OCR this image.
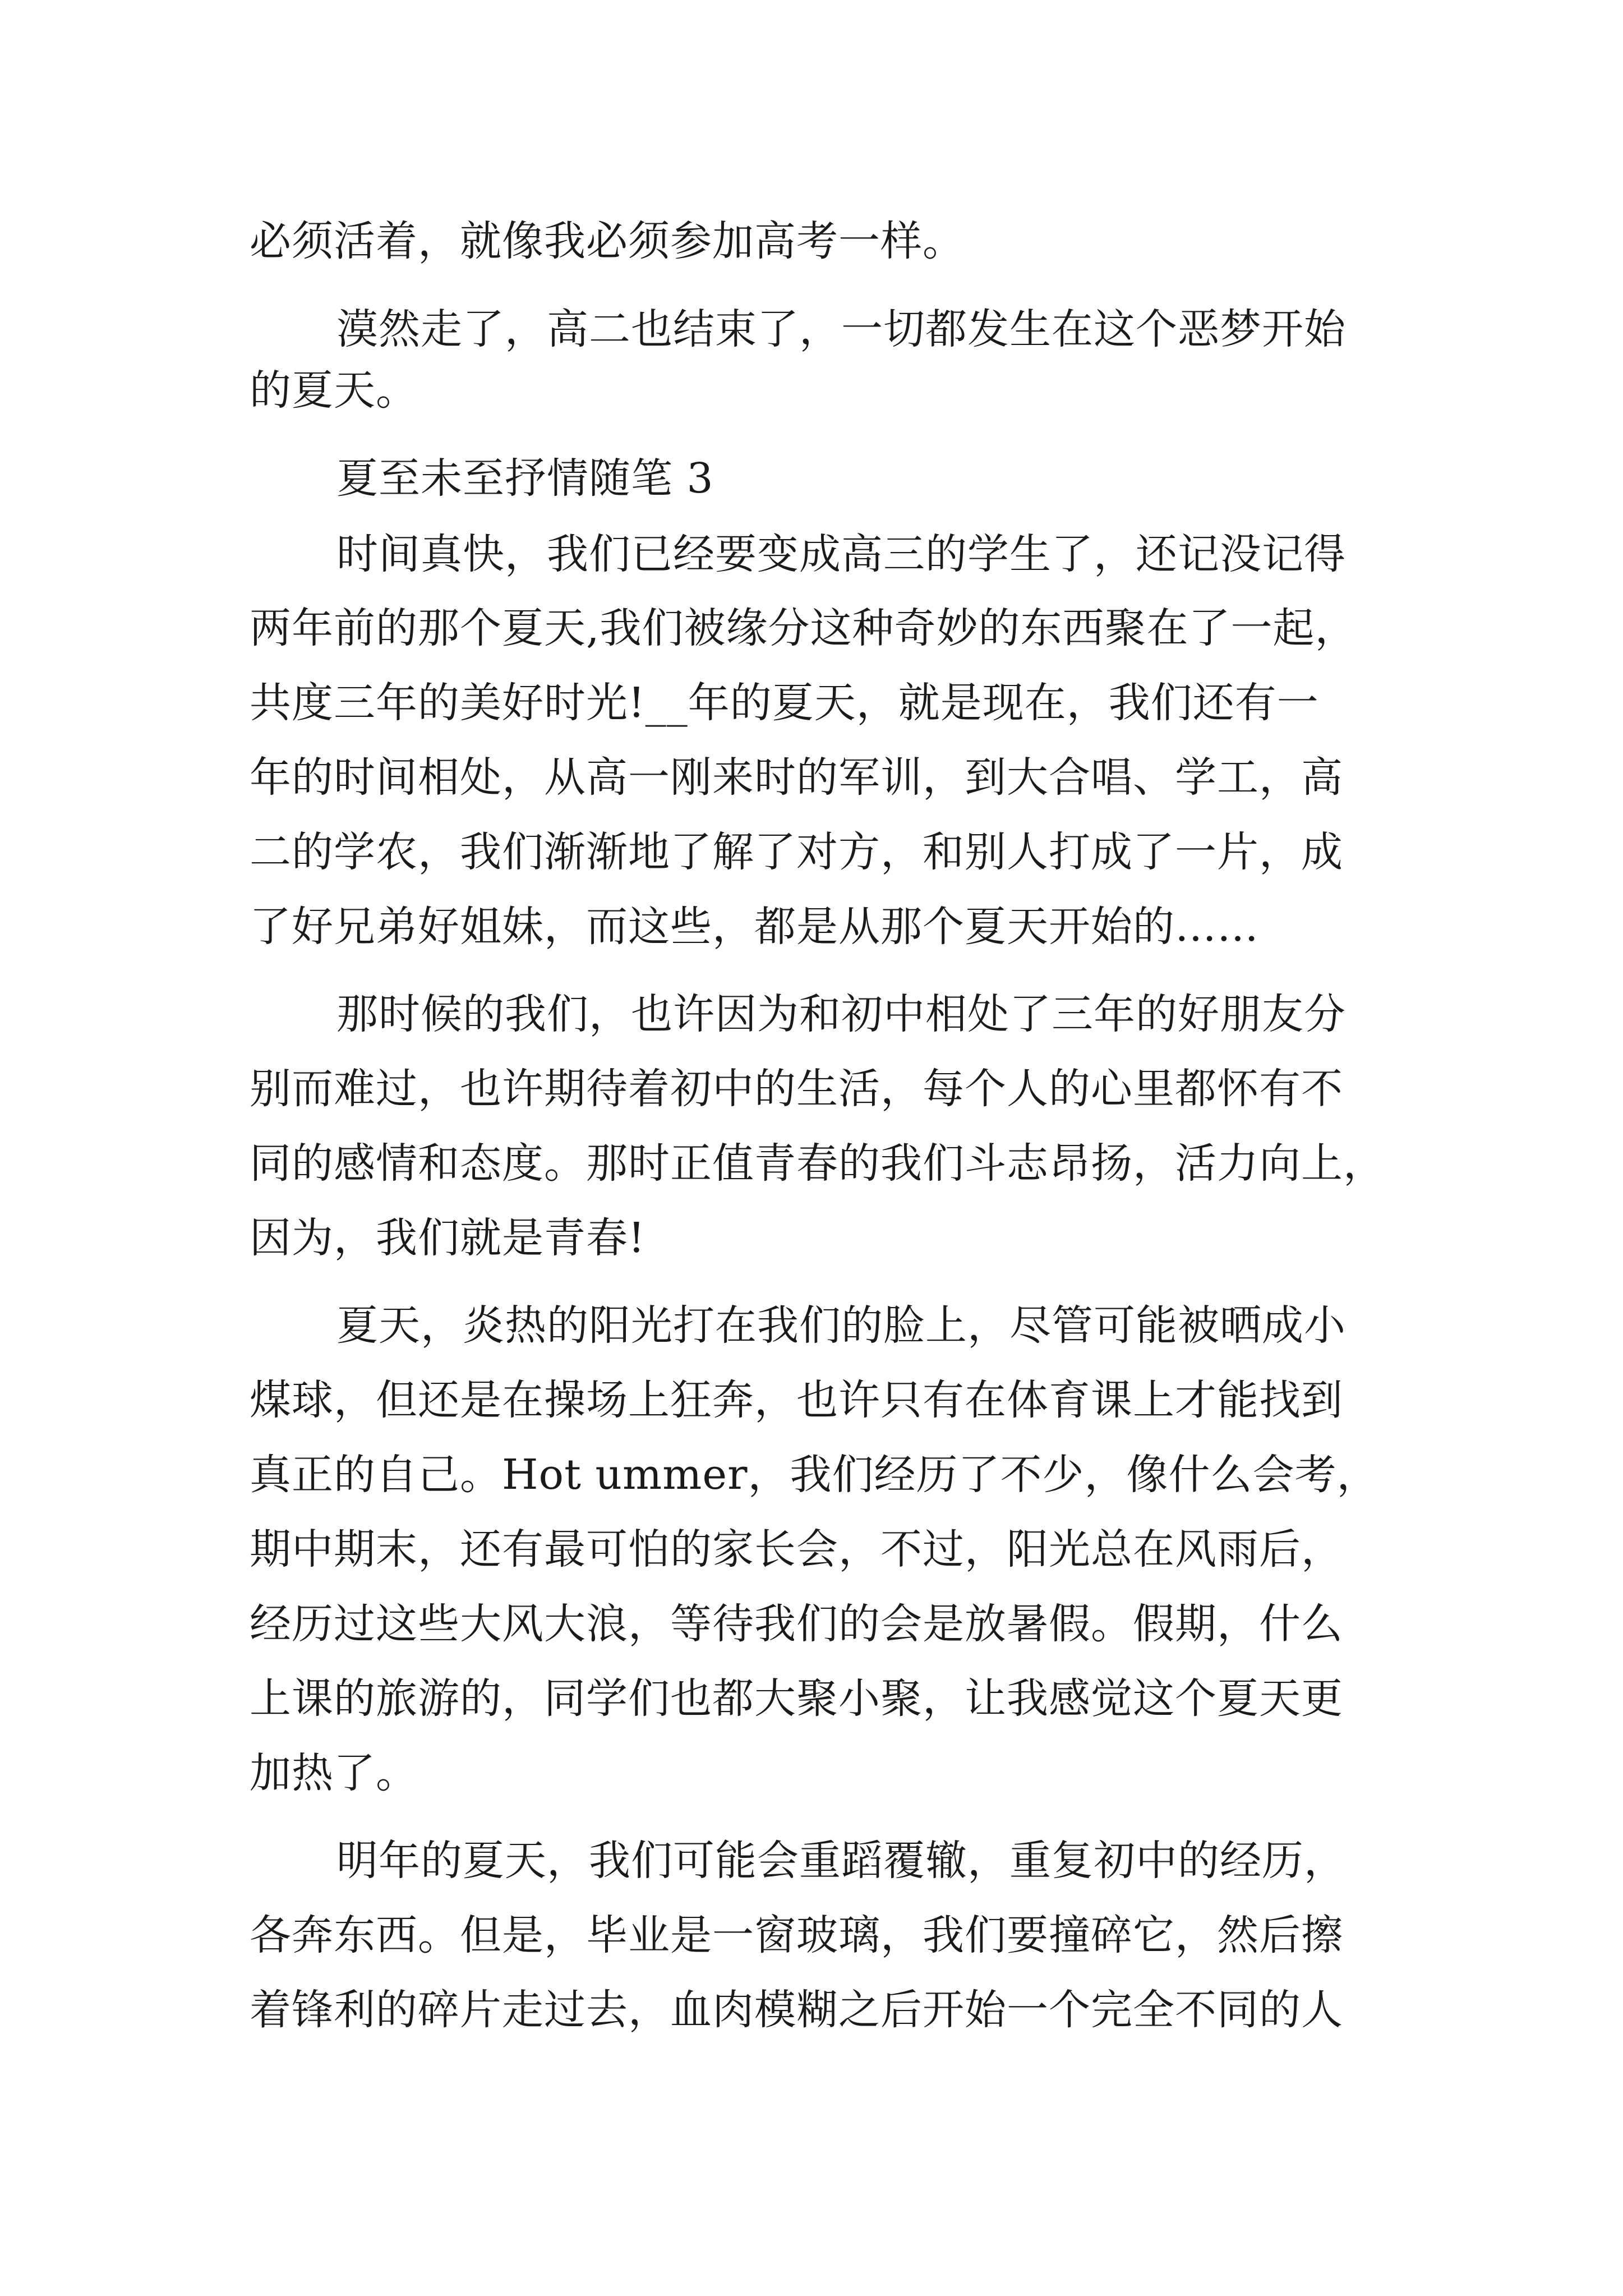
必须活着，就像我必须参加高考一样。
漠然走了，高二也结束了，一切都发生在这个恶梦开始
的夏天。
夏至未至抒情随笔 3
时间真快，我们已经要变成高三的学生了，还记没记得
两年前的那个夏天,我们被缘分这种奇妙的东西聚在了一起，
共度三年的美好时光!__年的夏天，就是现在，我们还有一
年的时间相处，从高一刚来时的军训，到大合唱、学工，高
二的学农，我们渐渐地了解了对方，和别人打成了一片，成
了好兄弟好姐妹，而这些，都是从那个夏天开始的……
那时候的我们，也许因为和初中相处了三年的好朋友分
别而难过，也许期待着初中的生活，每个人的心里都怀有不
同的感情和态度。那时正值青春的我们斗志昂扬，活力向上，
因为，我们就是青春!
夏天，炎热的阳光打在我们的脸上，尽管可能被晒成小
煤球，但还是在操场上狂奔，也许只有在体育课上才能找到
真正的自己。Hot ummer，我们经历了不少，像什么会考，
期中期末，还有最可怕的家长会，不过，阳光总在风雨后，
经历过这些大风大浪，等待我们的会是放暑假。假期，什么
上课的旅游的，同学们也都大聚小聚，让我感觉这个夏天更
加热了。
明年的夏天，我们可能会重蹈覆辙，重复初中的经历，
各奔东西。但是，毕业是一窗玻璃，我们要撞碎它，然后擦
着锋利的碎片走过去，血肉模糊之后开始一个完全不同的人
